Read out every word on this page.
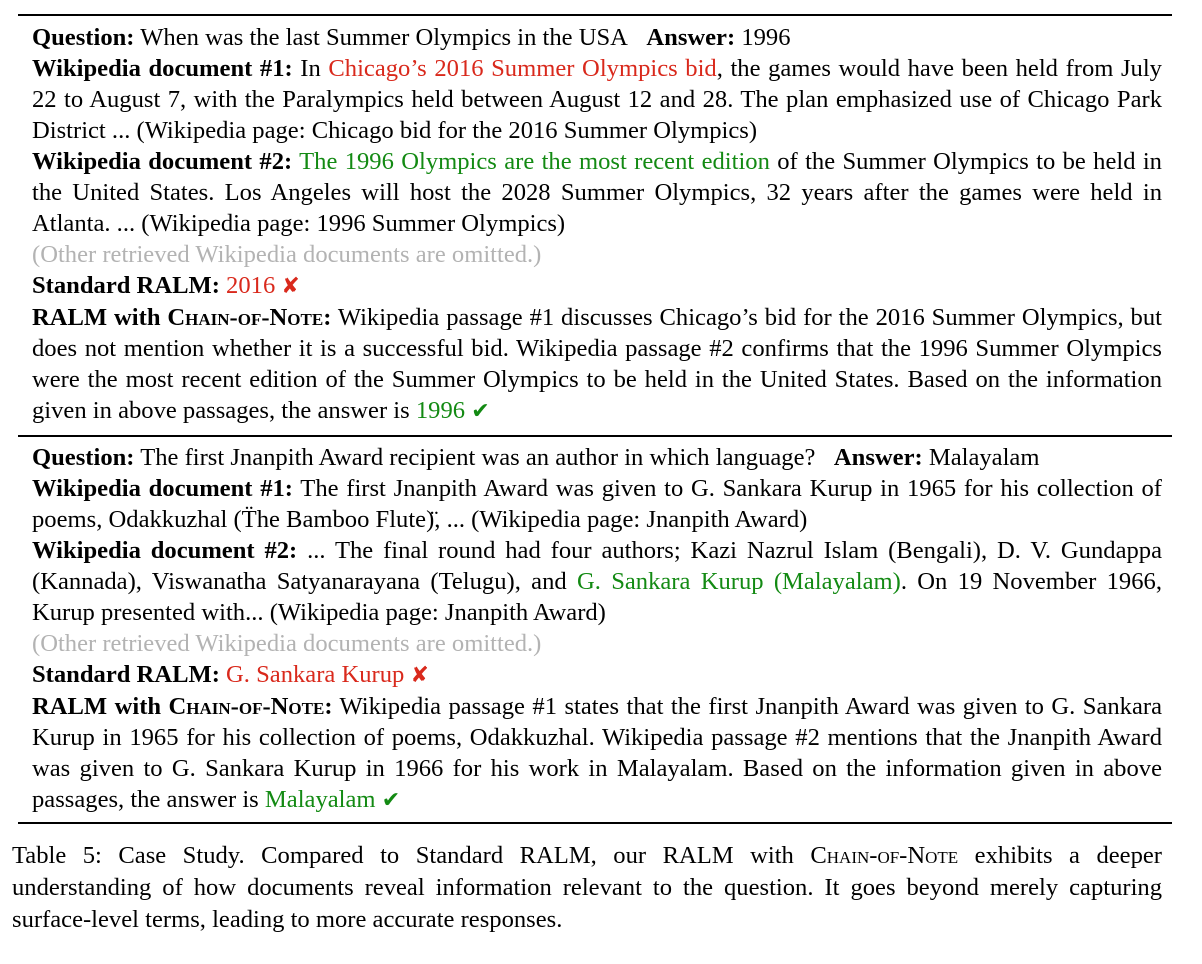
Question: When was the last Summer Olympics in the USA Answer: 1996

Wikipedia document #1: In Chicago’s 2016 Summer Olympics bid, the games would have been held from July 22 to August 7, with the Paralympics held between August 12 and 28. The plan emphasized use of Chicago Park District ... (Wikipedia page: Chicago bid for the 2016 Summer Olympics)

Wikipedia document #2: The 1996 Olympics are the most recent edition of the Summer Olympics to be held in the United States. Los Angeles will host the 2028 Summer Olympics, 32 years after the games were held in Atlanta. ... (Wikipedia page: 1996 Summer Olympics)

(Other retrieved Wikipedia documents are omitted.)

Standard RALM: 2016 ✘

RALM with Chain-of-Note: Wikipedia passage #1 discusses Chicago’s bid for the 2016 Summer Olympics, but does not mention whether it is a successful bid. Wikipedia passage #2 confirms that the 1996 Summer Olympics were the most recent edition of the Summer Olympics to be held in the United States. Based on the information given in above passages, the answer is 1996 ✔

Question: The first Jnanpith Award recipient was an author in which language? Answer: Malayalam

Wikipedia document #1: The first Jnanpith Award was given to G. Sankara Kurup in 1965 for his collection of poems, Odakkuzhal (T̈he Bamboo Flute)̈, ... (Wikipedia page: Jnanpith Award)

Wikipedia document #2: ... The final round had four authors; Kazi Nazrul Islam (Bengali), D. V. Gundappa (Kannada), Viswanatha Satyanarayana (Telugu), and G. Sankara Kurup (Malayalam). On 19 November 1966, Kurup presented with... (Wikipedia page: Jnanpith Award)

(Other retrieved Wikipedia documents are omitted.)

Standard RALM: G. Sankara Kurup ✘

RALM with Chain-of-Note: Wikipedia passage #1 states that the first Jnanpith Award was given to G. Sankara Kurup in 1965 for his collection of poems, Odakkuzhal. Wikipedia passage #2 mentions that the Jnanpith Award was given to G. Sankara Kurup in 1966 for his work in Malayalam. Based on the information given in above passages, the answer is Malayalam ✔

Table 5: Case Study. Compared to Standard RALM, our RALM with Chain-of-Note exhibits a deeper understanding of how documents reveal information relevant to the question. It goes beyond merely capturing surface-level terms, leading to more accurate responses.
